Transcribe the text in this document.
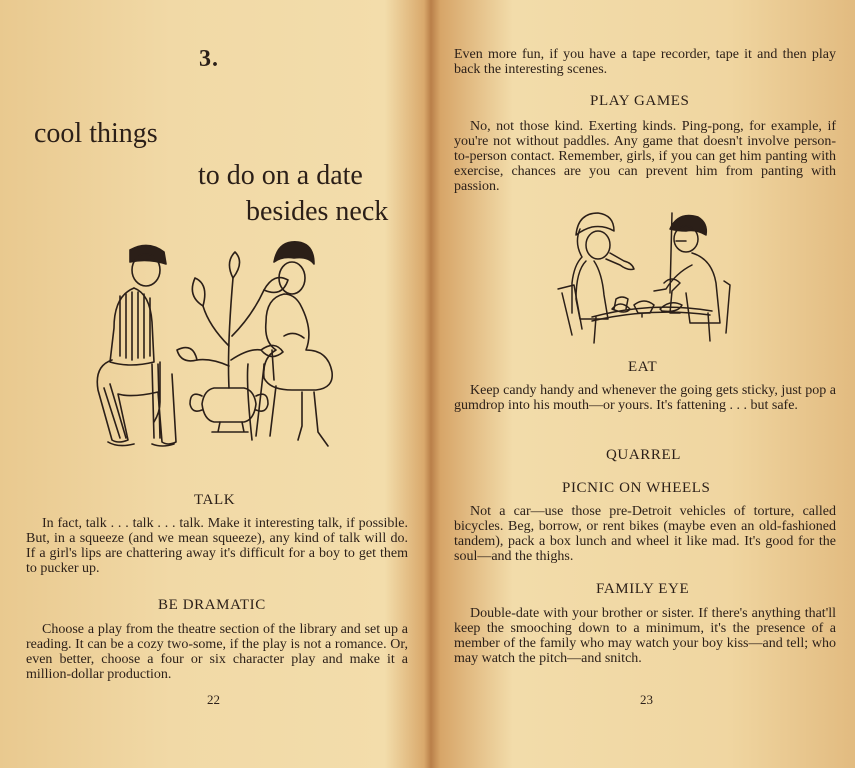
3.
cool things
to do on a date
besides neck
TALK

In fact, talk . . . talk . . . talk. Make it interesting talk, if possible. But, in a squeeze (and we mean squeeze), any kind of talk will do. If a girl's lips are chattering away it's difficult for a boy to get them to pucker up.

BE DRAMATIC

Choose a play from the theatre section of the library and set up a reading. It can be a cozy two-some, if the play is not a romance. Or, even better, choose a four or six character play and make it a million-dollar production.

22

Even more fun, if you have a tape recorder, tape it and then play back the interesting scenes.

PLAY GAMES

No, not those kind. Exerting kinds. Ping-pong, for example, if you're not without paddles. Any game that doesn't involve person-to-person contact. Remember, girls, if you can get him panting with exercise, chances are you can prevent him from panting with passion.

EAT

Keep candy handy and whenever the going gets sticky, just pop a gumdrop into his mouth—or yours. It's fattening . . . but safe.

QUARREL
PICNIC ON WHEELS

Not a car—use those pre-Detroit vehicles of torture, called bicycles. Beg, borrow, or rent bikes (maybe even an old-fashioned tandem), pack a box lunch and wheel it like mad. It's good for the soul—and the thighs.

FAMILY EYE

Double-date with your brother or sister. If there's anything that'll keep the smooching down to a minimum, it's the presence of a member of the family who may watch your boy kiss—and tell; who may watch the pitch—and snitch.

23
